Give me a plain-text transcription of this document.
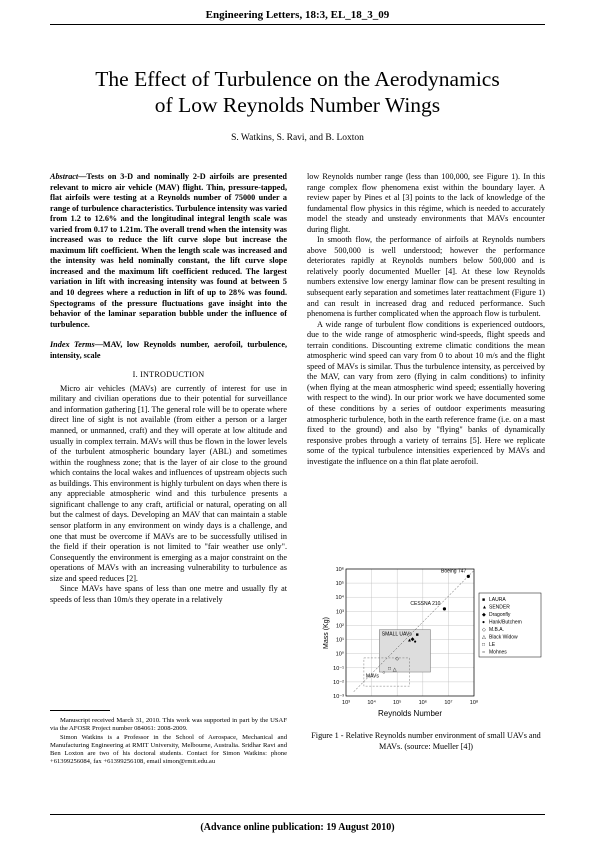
Engineering Letters, 18:3, EL_18_3_09
The Effect of Turbulence on the Aerodynamics
of Low Reynolds Number Wings
S. Watkins, S. Ravi, and B. Loxton
Abstract—Tests on 3-D and nominally 2-D airfoils are presented relevant to micro air vehicle (MAV) flight. Thin, pressure-tapped, flat airfoils were testing at a Reynolds number of 75000 under a range of turbulence characteristics. Turbulence intensity was varied from 1.2 to 12.6% and the longitudinal integral length scale was varied from 0.17 to 1.21m. The overall trend when the intensity was increased was to reduce the lift curve slope but increase the maximum lift coefficient. When the length scale was increased and the intensity was held nominally constant, the lift curve slope increased and the maximum lift coefficient reduced. The largest variation in lift with increasing intensity was found at between 5 and 10 degrees where a reduction in lift of up to 28% was found. Spectograms of the pressure fluctuations gave insight into the behavior of the laminar separation bubble under the influence of turbulence.
Index Terms—MAV, low Reynolds number, aerofoil, turbulence, intensity, scale
I. INTRODUCTION

Micro air vehicles (MAVs) are currently of interest for use in military and civilian operations due to their potential for surveillance and information gathering [1]. The general role will be to operate where direct line of sight is not available (from either a person or a larger manned, or unmanned, craft) and they will operate at low altitude and usually in complex terrain. MAVs will thus be flown in the lower levels of the turbulent atmospheric boundary layer (ABL) and sometimes within the roughness zone; that is the layer of air close to the ground which contains the local wakes and influences of upstream objects such as buildings. This environment is highly turbulent on days when there is any appreciable atmospheric wind and this turbulence presents a significant challenge to any craft, artificial or natural, operating on all but the calmest of days. Developing an MAV that can maintain a stable sensor platform in any environment on windy days is a challenge, and one that must be overcome if MAVs are to be successfully utilised in the field if their operation is not limited to "fair weather use only". Consequently the environment is emerging as a major constraint on the operations of MAVs with an increasing vulnerability to turbulence as size and speed reduces [2].

Since MAVs have spans of less than one metre and usually fly at speeds of less than 10m/s they operate in a relatively

Manuscript received March 31, 2010. This work was supported in part by the USAF via the AFOSR Project number 084061: 2008-2009.

Simon Watkins is a Professor in the School of Aerospace, Mechanical and Manufacturing Engineering at RMIT University, Melbourne, Australia. Sridhar Ravi and Ben Loxton are two of his doctoral students. Contact for Simon Watkins: phone +61399256084, fax +61399256108, email simon@rmit.edu.au

low Reynolds number range (less than 100,000, see Figure 1). In this range complex flow phenomena exist within the boundary layer. A review paper by Pines et al [3] points to the lack of knowledge of the fundamental flow physics in this régime, which is needed to accurately model the steady and unsteady environments that MAVs encounter during flight.

In smooth flow, the performance of airfoils at Reynolds numbers above 500,000 is well understood; however the performance deteriorates rapidly at Reynolds numbers below 500,000 and is relatively poorly documented Mueller [4]. At these low Reynolds numbers extensive low energy laminar flow can be present resulting in subsequent early separation and sometimes later reattachment (Figure 1) and can result in increased drag and reduced performance. Such phenomena is further complicated when the approach flow is turbulent.

A wide range of turbulent flow conditions is experienced outdoors, due to the wide range of atmospheric wind-speeds, flight speeds and terrain conditions. Discounting extreme climatic conditions the mean atmospheric wind speed can vary from 0 to about 10 m/s and the flight speed of MAVs is similar. Thus the turbulence intensity, as perceived by the MAV, can vary from zero (flying in calm conditions) to infinity (when flying at the mean atmospheric wind speed; essentially hovering with respect to the wind). In our prior work we have documented some of these conditions by a series of outdoor experiments measuring atmospheric turbulence, both in the earth reference frame (i.e. on a mast fixed to the ground) and also by "flying" banks of dynamically responsive probes through a variety of terrains [5]. Here we replicate some of the typical turbulence intensities experienced by MAVs and investigate the influence on a thin flat plate aerofoil.

10³	10⁴	10⁵	10⁶	10⁷	10⁸
10⁶
10⁵
10⁴
10³
10²
10¹
10⁰
10⁻¹
10⁻²
10⁻³
■
▲
◆ ●
◇
△
□
○
Boeing 747
CESSNA 210
SMALL UAVs
MAVs
■ LAURA
▲ SENDER
◆ Dragonfly
● Hank/Butchem
◇ M.B.A.
△ Black Widow
□ LE
○ Mohnes
Reynolds Number
Mass (Kg)
Figure 1 - Relative Reynolds number environment of small UAVs and MAVs. (source: Mueller [4])
(Advance online publication: 19 August 2010)
